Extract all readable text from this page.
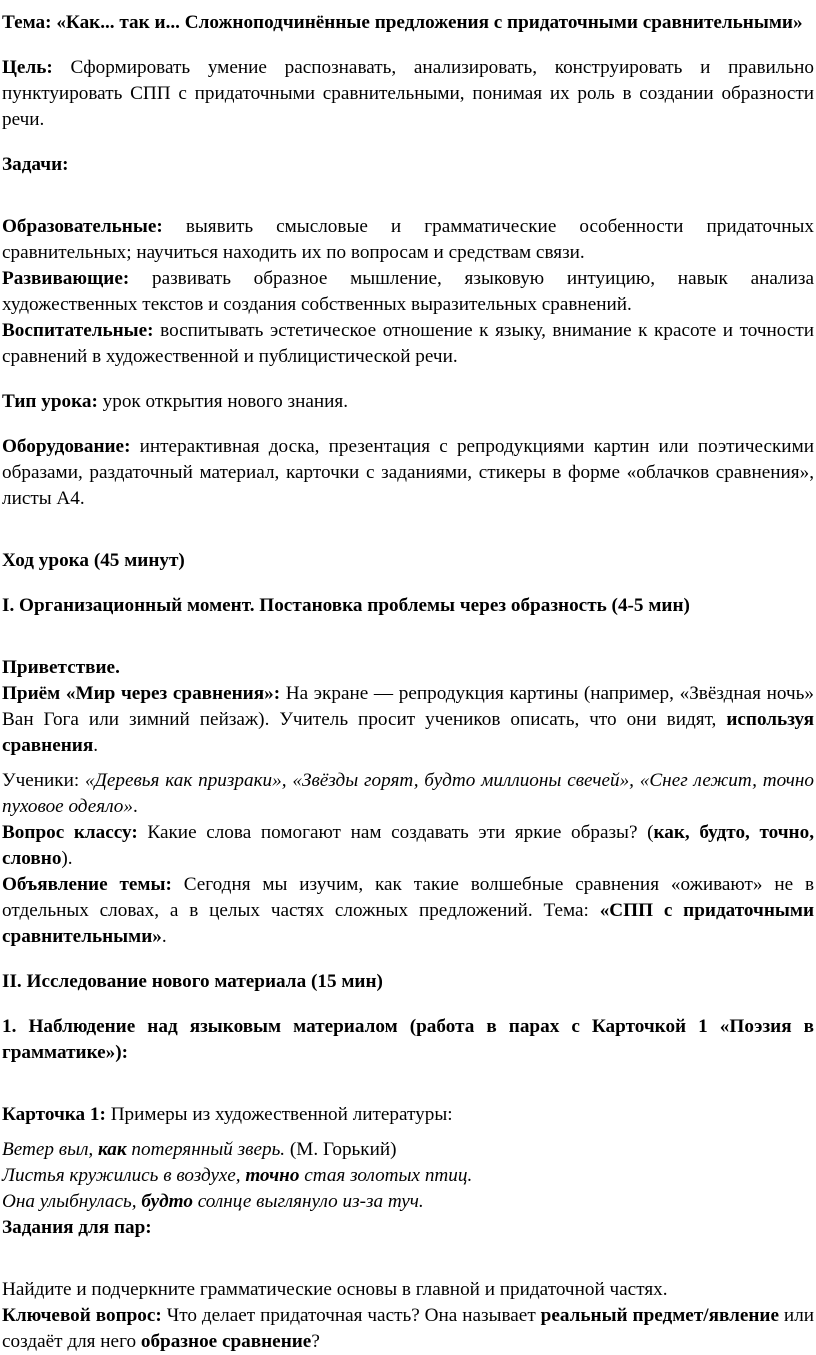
Тема: «Как... так и... Сложноподчинённые предложения с придаточными сравнительными»

Цель: Сформировать умение распознавать, анализировать, конструировать и правильно пунктуировать СПП с придаточными сравнительными, понимая их роль в создании образности речи.

Задачи:

Образовательные: выявить смысловые и грамматические особенности придаточных сравнительных; научиться находить их по вопросам и средствам связи.

Развивающие: развивать образное мышление, языковую интуицию, навык анализа художественных текстов и создания собственных выразительных сравнений.

Воспитательные: воспитывать эстетическое отношение к языку, внимание к красоте и точности сравнений в художественной и публицистической речи.

Тип урока: урок открытия нового знания.

Оборудование: интерактивная доска, презентация с репродукциями картин или поэтическими образами, раздаточный материал, карточки с заданиями, стикеры в форме «облачков сравнения», листы А4.

Ход урока (45 минут)

I. Организационный момент. Постановка проблемы через образность (4-5 мин)

Приветствие.

Приём «Мир через сравнения»: На экране — репродукция картины (например, «Звёздная ночь» Ван Гога или зимний пейзаж). Учитель просит учеников описать, что они видят, используя сравнения.

Ученики: «Деревья как призраки», «Звёзды горят, будто миллионы свечей», «Снег лежит, точно пуховое одеяло».

Вопрос классу: Какие слова помогают нам создавать эти яркие образы? (как, будто, точно, словно).

Объявление темы: Сегодня мы изучим, как такие волшебные сравнения «оживают» не в отдельных словах, а в целых частях сложных предложений. Тема: «СПП с придаточными сравнительными».

II. Исследование нового материала (15 мин)

1. Наблюдение над языковым материалом (работа в парах с Карточкой 1 «Поэзия в грамматике»):

Карточка 1: Примеры из художественной литературы:

Ветер выл, как потерянный зверь. (М. Горький)

Листья кружились в воздухе, точно стая золотых птиц.

Она улыбнулась, будто солнце выглянуло из-за туч.

Задания для пар:

Найдите и подчеркните грамматические основы в главной и придаточной частях.

Ключевой вопрос: Что делает придаточная часть? Она называет реальный предмет/явление или создаёт для него образное сравнение?
